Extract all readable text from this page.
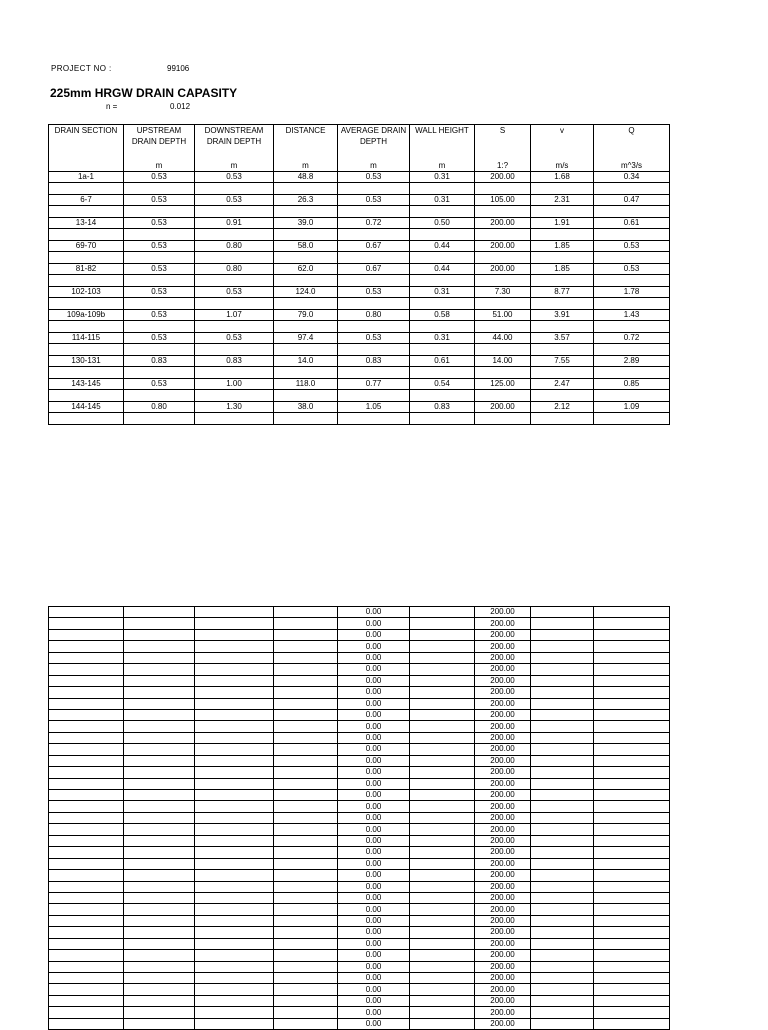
PROJECT NO :	99106
225mm HRGW DRAIN CAPASITY
n =	0.012
DRAIN SECTION	UPSTREAM DRAIN DEPTH	DOWNSTREAM DRAIN DEPTH	DISTANCE	AVERAGE DRAIN DEPTH	WALL HEIGHT	S	v	Q
	m	m	m	m	m	1:?	m/s	m^3/s
1a-1	0.53	0.53	48.8	0.53	0.31	200.00	1.68	0.34

6-7	0.53	0.53	26.3	0.53	0.31	105.00	2.31	0.47

13-14	0.53	0.91	39.0	0.72	0.50	200.00	1.91	0.61

69-70	0.53	0.80	58.0	0.67	0.44	200.00	1.85	0.53

81-82	0.53	0.80	62.0	0.67	0.44	200.00	1.85	0.53

102-103	0.53	0.53	124.0	0.53	0.31	7.30	8.77	1.78

109a-109b	0.53	1.07	79.0	0.80	0.58	51.00	3.91	1.43

114-115	0.53	0.53	97.4	0.53	0.31	44.00	3.57	0.72

130-131	0.83	0.83	14.0	0.83	0.61	14.00	7.55	2.89

143-145	0.53	1.00	118.0	0.77	0.54	125.00	2.47	0.85

144-145	0.80	1.30	38.0	1.05	0.83	200.00	2.12	1.09

				0.00		200.00		
				0.00		200.00		
				0.00		200.00		
				0.00		200.00		
				0.00		200.00		
				0.00		200.00		
				0.00		200.00		
				0.00		200.00		
				0.00		200.00		
				0.00		200.00		
				0.00		200.00		
				0.00		200.00		
				0.00		200.00		
				0.00		200.00		
				0.00		200.00		
				0.00		200.00		
				0.00		200.00		
				0.00		200.00		
				0.00		200.00		
				0.00		200.00		
				0.00		200.00		
				0.00		200.00		
				0.00		200.00		
				0.00		200.00		
				0.00		200.00		
				0.00		200.00		
				0.00		200.00		
				0.00		200.00		
				0.00		200.00		
				0.00		200.00		
				0.00		200.00		
				0.00		200.00		
				0.00		200.00		
				0.00		200.00		
				0.00		200.00		
				0.00		200.00		
				0.00		200.00		
